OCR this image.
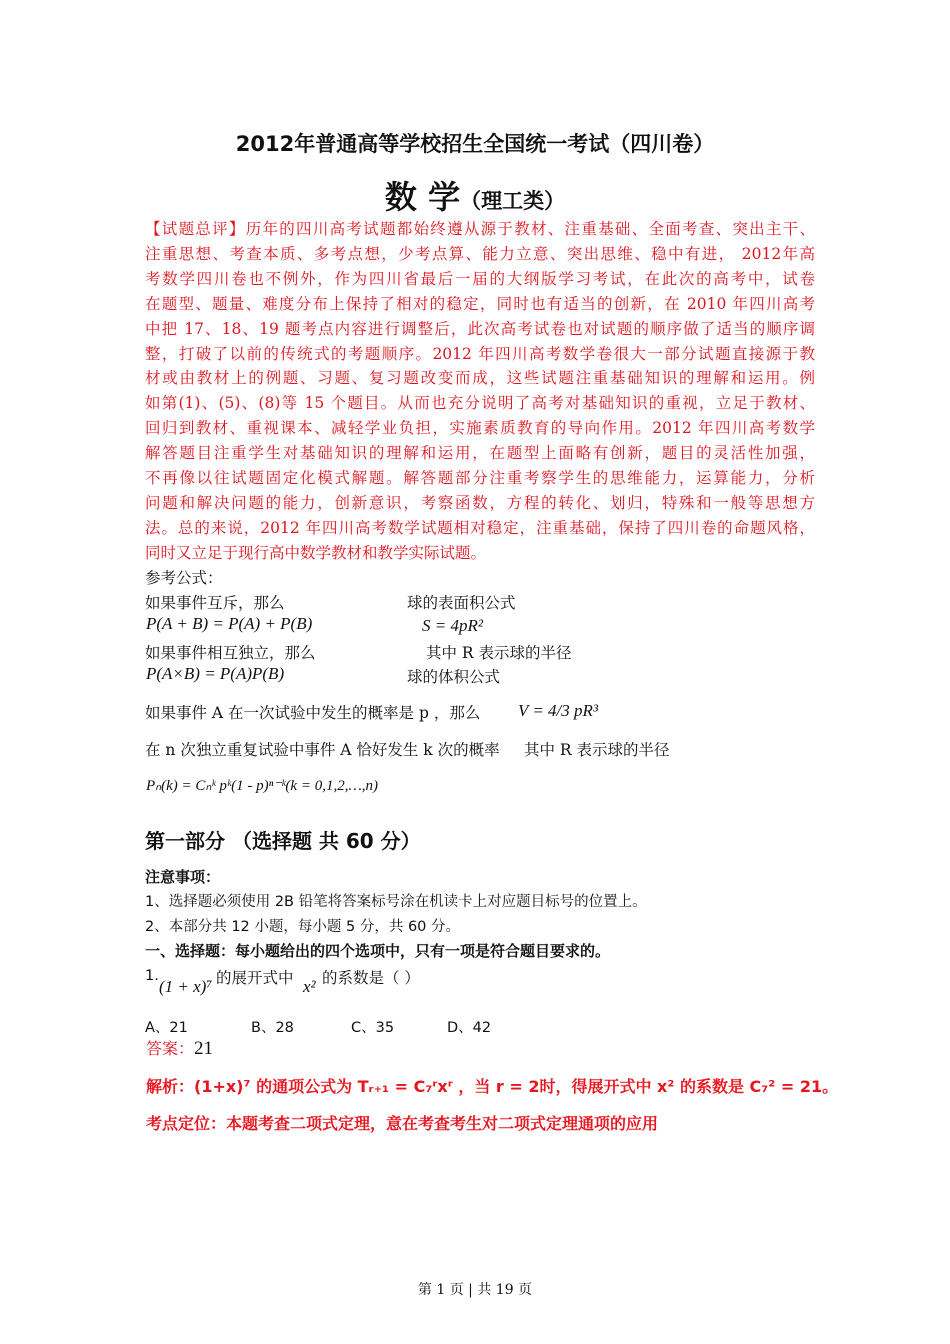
2012年普通高等学校招生全国统一考试（四川卷）
数 学（理工类）
【试题总评】历年的四川高考试题都始终遵从源于教材、注重基础、全面考查、突出主干、
注重思想、考查本质、多考点想，少考点算、能力立意、突出思维、稳中有进， 2012年高
考数学四川卷也不例外，作为四川省最后一届的大纲版学习考试，在此次的高考中，试卷
在题型、题量、难度分布上保持了相对的稳定，同时也有适当的创新，在 2010 年四川高考
中把 17、18、19 题考点内容进行调整后，此次高考试卷也对试题的顺序做了适当的顺序调
整，打破了以前的传统式的考题顺序。2012 年四川高考数学卷很大一部分试题直接源于教
材或由教材上的例题、习题、复习题改变而成，这些试题注重基础知识的理解和运用。例
如第(1)、(5)、(8)等 15 个题目。从而也充分说明了高考对基础知识的重视，立足于教材、
回归到教材、重视课本、减轻学业负担，实施素质教育的导向作用。2012 年四川高考数学
解答题目注重学生对基础知识的理解和运用，在题型上面略有创新，题目的灵活性加强，
不再像以往试题固定化模式解题。解答题部分注重考察学生的思维能力，运算能力，分析
问题和解决问题的能力，创新意识，考察函数，方程的转化、划归，特殊和一般等思想方
法。总的来说，2012 年四川高考数学试题相对稳定，注重基础，保持了四川卷的命题风格，
同时又立足于现行高中数学教材和教学实际试题。
参考公式：
如果事件互斥，那么	球的表面积公式
P(A + B) = P(A) + P(B)	S = 4pR²
如果事件相互独立，那么	其中 R 表示球的半径
P(A×B) = P(A)P(B)	球的体积公式
如果事件 A 在一次试验中发生的概率是 p ，那么 V = 4/3 pR³
在 n 次独立重复试验中事件 A 恰好发生 k 次的概率 其中 R 表示球的半径
Pₙ(k) = Cₙᵏ pᵏ(1 - p)ⁿ⁻ᵏ(k = 0,1,2,…,n)
第一部分 （选择题 共 60 分）
注意事项：
1、选择题必须使用 2B 铅笔将答案标号涂在机读卡上对应题目标号的位置上。
2、本部分共 12 小题，每小题 5 分，共 60 分。
一、选择题：每小题给出的四个选项中，只有一项是符合题目要求的。
1.
(1 + x)⁷ 的展开式中 x² 的系数是（ ）
A、21	B、28	C、35	D、42
答案：21
解析：(1+x)⁷ 的通项公式为 Tᵣ₊₁ = C₇ʳxʳ ，当 r = 2时，得展开式中 x² 的系数是 C₇² = 21。
考点定位：本题考查二项式定理，意在考查考生对二项式定理通项的应用
第 1 页 | 共 19 页
